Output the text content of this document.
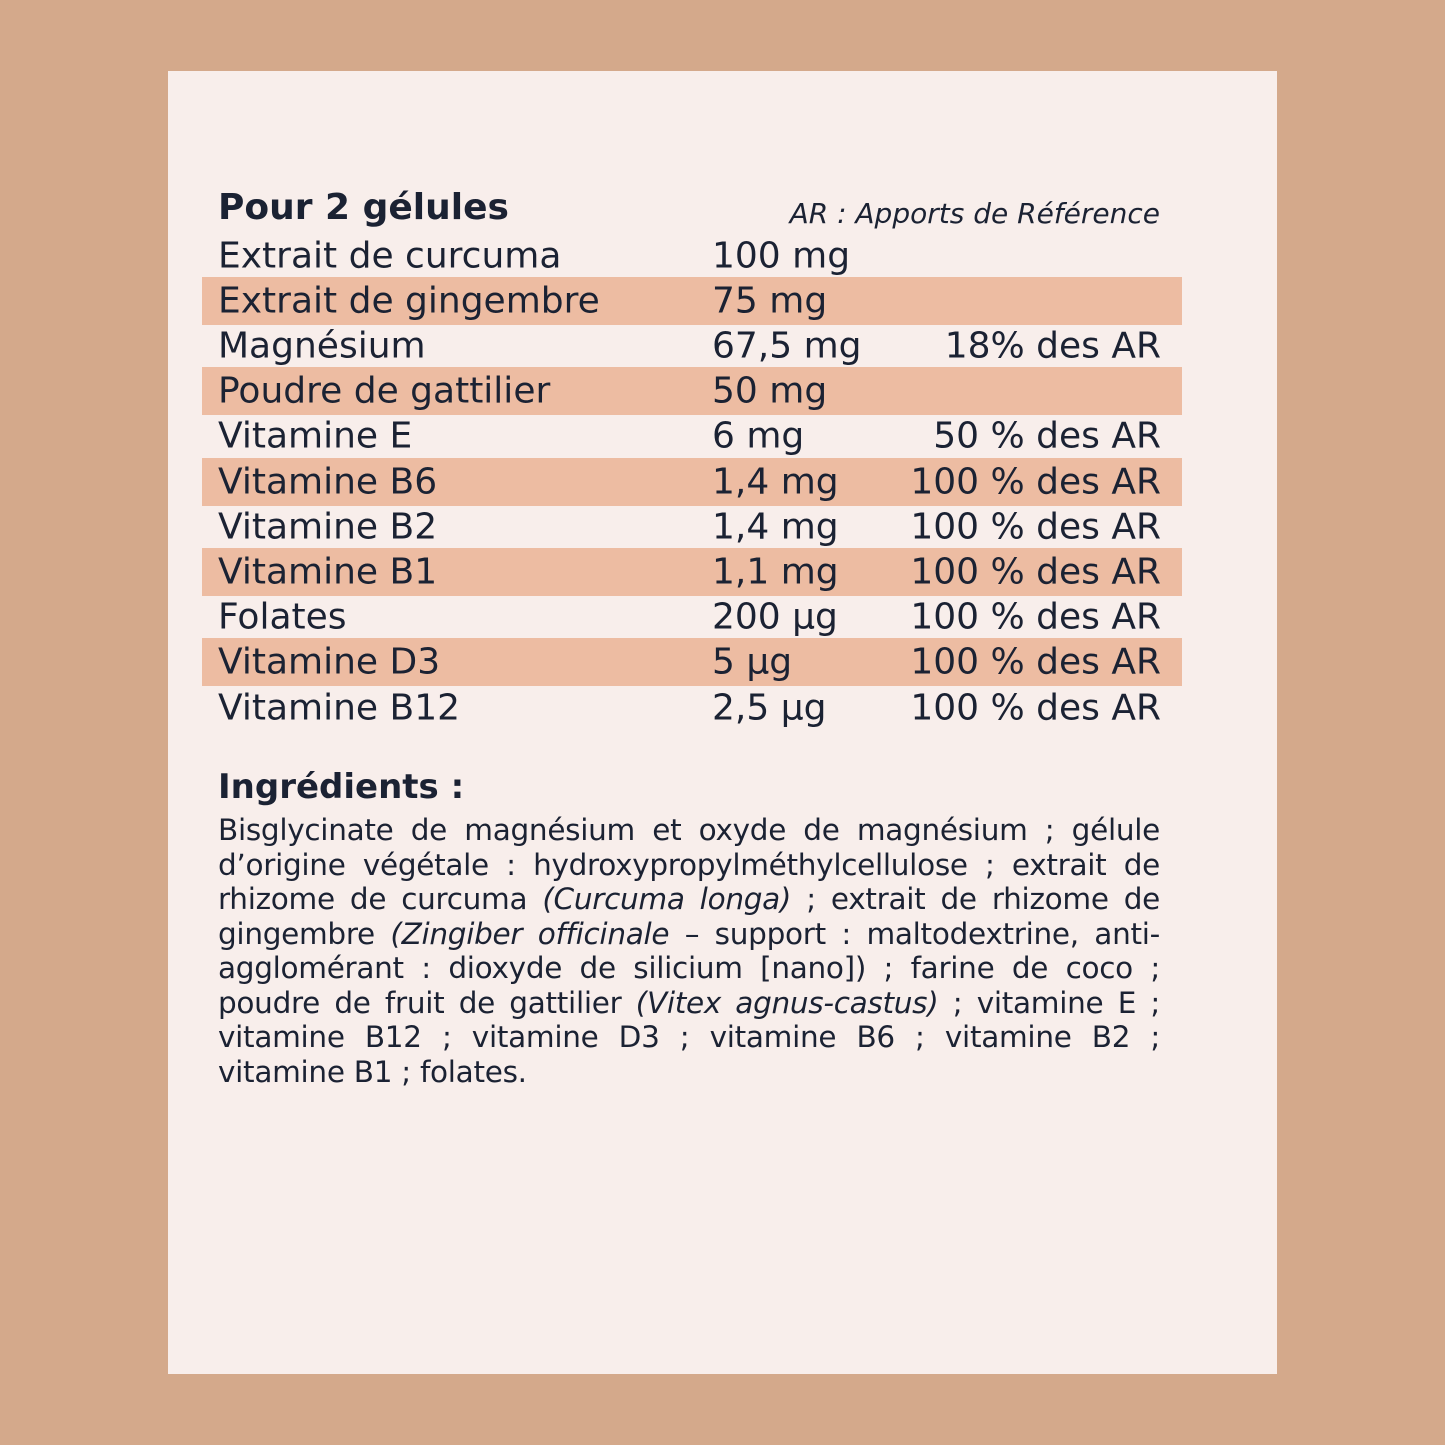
Pour 2 gélules	AR : Apports de Référence
Extrait de curcuma	100 mg
Extrait de gingembre	75 mg
Magnésium	67,5 mg 18% des AR
Poudre de gattilier	50 mg
Vitamine E	6 mg	50 % des AR
Vitamine B6	1,4 mg 100 % des AR
Vitamine B2	1,4 mg 100 % des AR
Vitamine B1	1,1 mg 100 % des AR
Folates	200 µg 100 % des AR
Vitamine D3	5 µg	100 % des AR
Vitamine B12	2,5 µg 100 % des AR
Ingrédients :
Bisglycinate de magnésium et oxyde de magnésium ; gélule d’origine végétale : hydroxypropylméthylcellulose ; extrait de rhizome de curcuma (Curcuma longa) ; extrait de rhizome de gingembre (Zingiber officinale – support : maltodextrine, anti-agglomérant : dioxyde de silicium [nano]) ; farine de coco ; poudre de fruit de gattilier (Vitex agnus-castus) ; vitamine E ; vitamine B12 ; vitamine D3 ; vitamine B6 ; vitamine B2 ; vitamine B1 ; folates.
